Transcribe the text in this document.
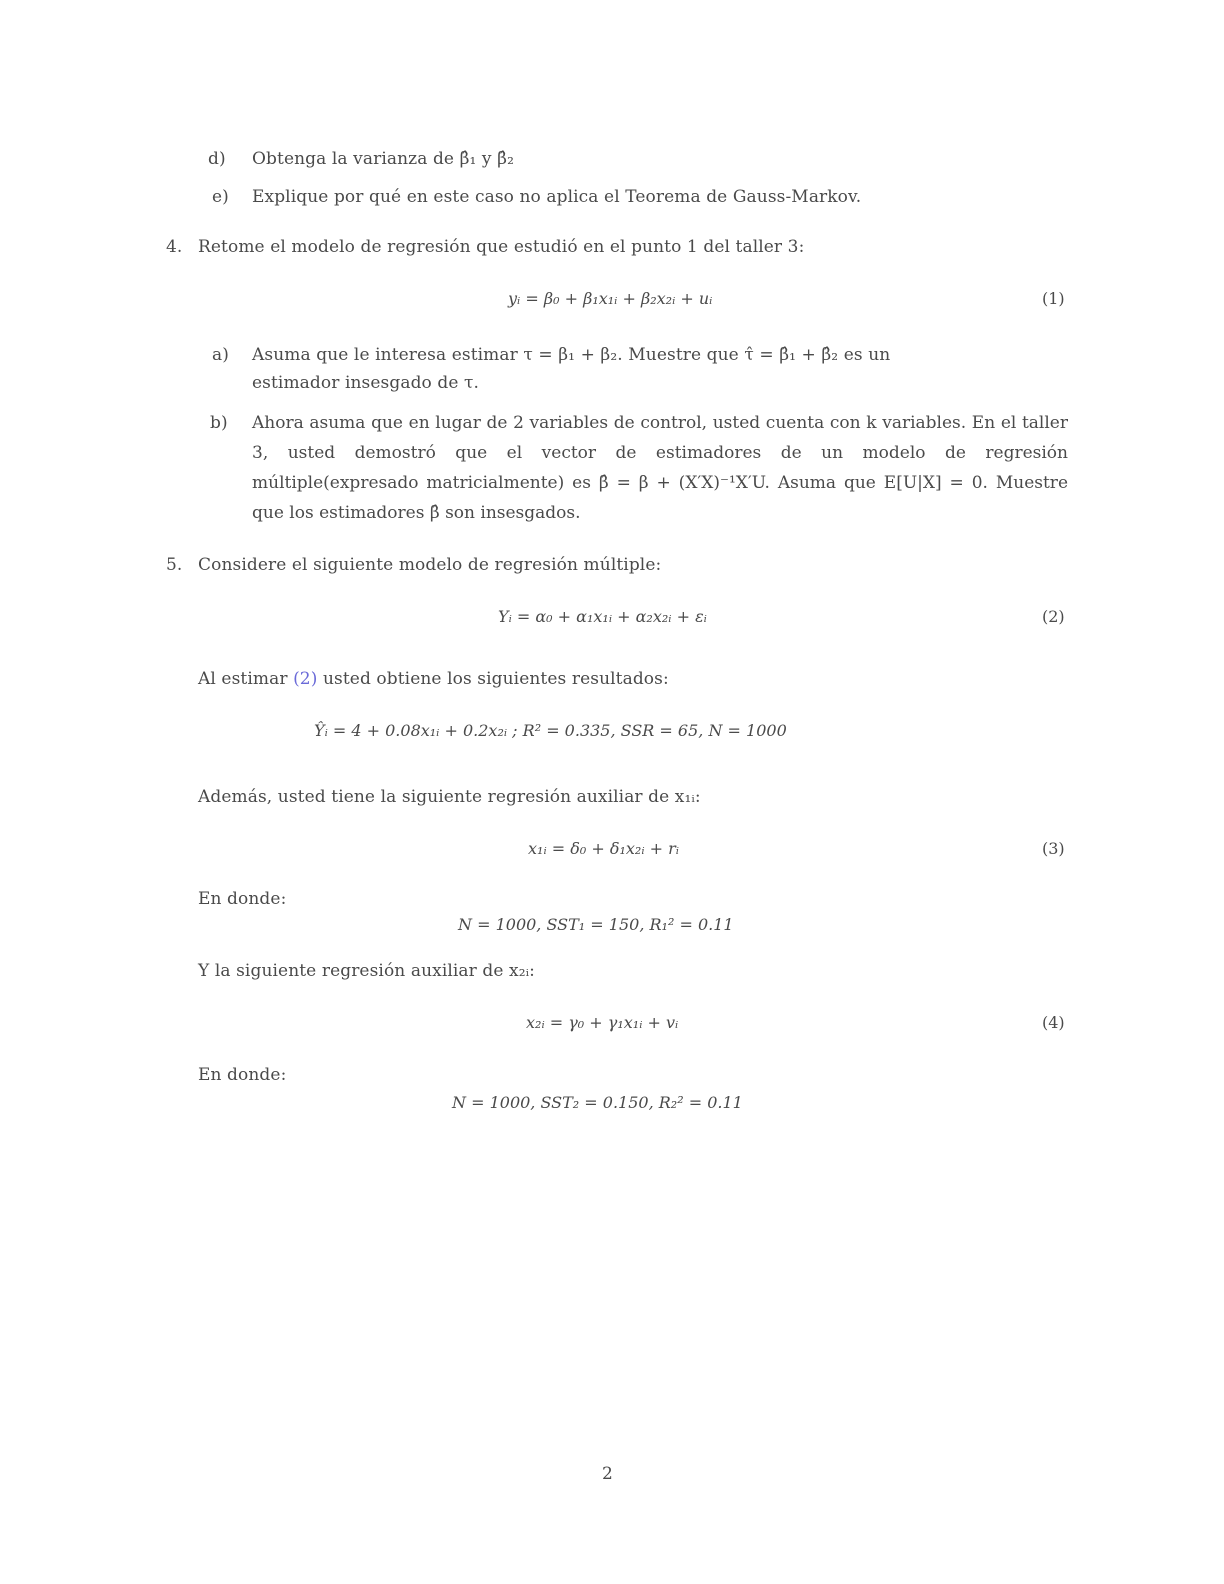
d) Obtenga la varianza de β̂₁ y β̂₂
e) Explique por qué en este caso no aplica el Teorema de Gauss-Markov.
4. Retome el modelo de regresión que estudió en el punto 1 del taller 3:
yᵢ = β₀ + β₁x₁ᵢ + β₂x₂ᵢ + uᵢ	(1)
a) Asuma que le interesa estimar τ = β₁ + β₂. Muestre que τ̂ = β̂₁ + β̂₂ es un
estimador insesgado de τ.
b) Ahora asuma que en lugar de 2 variables de control, usted cuenta con k variables. En el taller 3, usted demostró que el vector de estimadores de un modelo de regresión múltiple(expresado matricialmente) es β̂ = β + (X′X)⁻¹X′U. Asuma que E[U|X] = 0. Muestre que los estimadores β̂ son insesgados.
5. Considere el siguiente modelo de regresión múltiple:
Yᵢ = α₀ + α₁x₁ᵢ + α₂x₂ᵢ + εᵢ	(2)
Al estimar (2) usted obtiene los siguientes resultados:
Ŷᵢ = 4 + 0.08x₁ᵢ + 0.2x₂ᵢ ; R² = 0.335, SSR = 65, N = 1000
Además, usted tiene la siguiente regresión auxiliar de x₁ᵢ:
x₁ᵢ = δ₀ + δ₁x₂ᵢ + rᵢ	(3)
En donde:
N = 1000, SST₁ = 150, R₁² = 0.11
Y la siguiente regresión auxiliar de x₂ᵢ:
x₂ᵢ = γ₀ + γ₁x₁ᵢ + vᵢ	(4)
En donde:
N = 1000, SST₂ = 0.150, R₂² = 0.11
2
